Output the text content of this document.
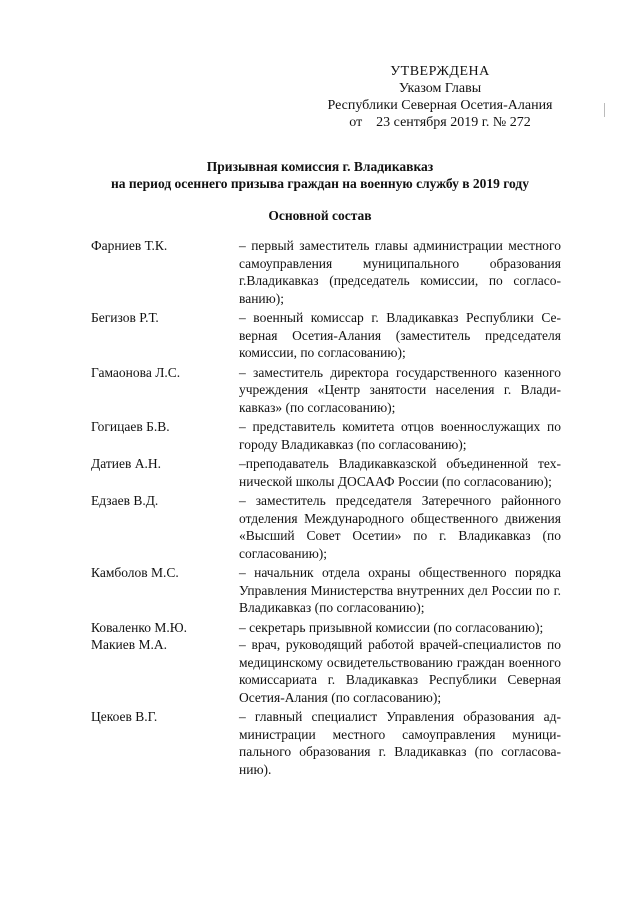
УТВЕРЖДЕНА
Указом Главы
Республики Северная Осетия-Алания
от    23 сентября 2019 г. № 272
Призывная комиссия г. Владикавказ
на период осеннего призыва граждан на военную службу в 2019 году
Основной состав
Фарниев Т.К.	– первый заместитель главы администрации местного самоуправления муниципального образования г.Владикавказ (председатель комиссии, по согласованию);
Бегизов Р.Т.	– военный комиссар г. Владикавказ Республики Северная Осетия-Алания (заместитель председателя комиссии, по согласованию);
Гамаонова Л.С.	– заместитель директора государственного казенного учреждения «Центр занятости населения г. Владикавказ» (по согласованию);
Гогицаев Б.В.	– представитель комитета отцов военнослужащих по городу Владикавказ (по согласованию);
Датиев А.Н.	–преподаватель Владикавказской объединенной технической школы ДОСААФ России (по согласованию);
Едзаев В.Д.	– заместитель председателя Затеречного районного отделения Международного общественного движения «Высший Совет Осетии» по г. Владикавказ (по согласованию);
Камболов М.С.	– начальник отдела охраны общественного порядка Управления Министерства внутренних дел России по г. Владикавказ (по согласованию);
Коваленко М.Ю.	– секретарь призывной комиссии (по согласованию);
Макиев М.А.	– врач, руководящий работой врачей-специалистов по медицинскому освидетельствованию граждан военного комиссариата г. Владикавказ Республики Северная Осетия-Алания (по согласованию);
Цекоев В.Г.	– главный специалист Управления образования администрации местного самоуправления муниципального образования г. Владикавказ (по согласованию).
